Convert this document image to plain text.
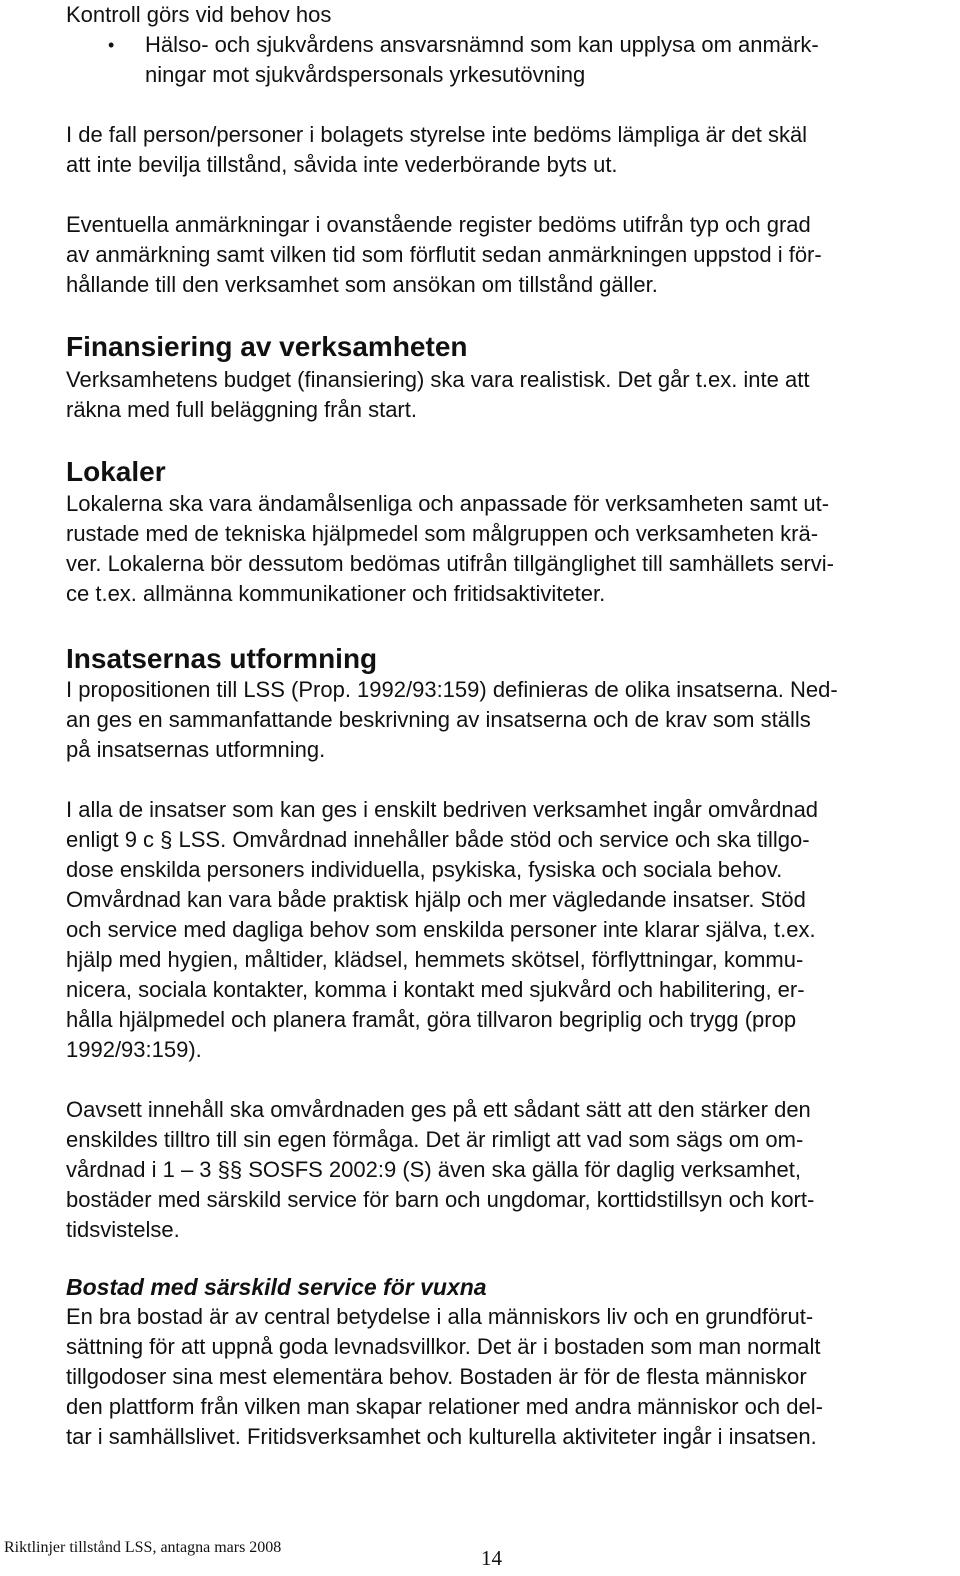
Kontroll görs vid behov hos
• Hälso- och sjukvårdens ansvarsnämnd som kan upplysa om anmärk-
ningar mot sjukvårdspersonals yrkesutövning
I de fall person/personer i bolagets styrelse inte bedöms lämpliga är det skäl
att inte bevilja tillstånd, såvida inte vederbörande byts ut.
Eventuella anmärkningar i ovanstående register bedöms utifrån typ och grad
av anmärkning samt vilken tid som förflutit sedan anmärkningen uppstod i för-
hållande till den verksamhet som ansökan om tillstånd gäller.
Finansiering av verksamheten
Verksamhetens budget (finansiering) ska vara realistisk. Det går t.ex. inte att
räkna med full beläggning från start.
Lokaler
Lokalerna ska vara ändamålsenliga och anpassade för verksamheten samt ut-
rustade med de tekniska hjälpmedel som målgruppen och verksamheten krä-
ver. Lokalerna bör dessutom bedömas utifrån tillgänglighet till samhällets servi-
ce t.ex. allmänna kommunikationer och fritidsaktiviteter.
Insatsernas utformning
I propositionen till LSS (Prop. 1992/93:159) definieras de olika insatserna. Ned-
an ges en sammanfattande beskrivning av insatserna och de krav som ställs
på insatsernas utformning.
I alla de insatser som kan ges i enskilt bedriven verksamhet ingår omvårdnad
enligt 9 c § LSS. Omvårdnad innehåller både stöd och service och ska tillgo-
dose enskilda personers individuella, psykiska, fysiska och sociala behov.
Omvårdnad kan vara både praktisk hjälp och mer vägledande insatser. Stöd
och service med dagliga behov som enskilda personer inte klarar själva, t.ex.
hjälp med hygien, måltider, klädsel, hemmets skötsel, förflyttningar, kommu-
nicera, sociala kontakter, komma i kontakt med sjukvård och habilitering, er-
hålla hjälpmedel och planera framåt, göra tillvaron begriplig och trygg (prop
1992/93:159).
Oavsett innehåll ska omvårdnaden ges på ett sådant sätt att den stärker den
enskildes tilltro till sin egen förmåga. Det är rimligt att vad som sägs om om-
vårdnad i 1 – 3 §§ SOSFS 2002:9 (S) även ska gälla för daglig verksamhet,
bostäder med särskild service för barn och ungdomar, korttidstillsyn och kort-
tidsvistelse.
Bostad med särskild service för vuxna
En bra bostad är av central betydelse i alla människors liv och en grundförut-
sättning för att uppnå goda levnadsvillkor. Det är i bostaden som man normalt
tillgodoser sina mest elementära behov. Bostaden är för de flesta människor
den plattform från vilken man skapar relationer med andra människor och del-
tar i samhällslivet. Fritidsverksamhet och kulturella aktiviteter ingår i insatsen.
Riktlinjer tillstånd LSS, antagna mars 2008	14
